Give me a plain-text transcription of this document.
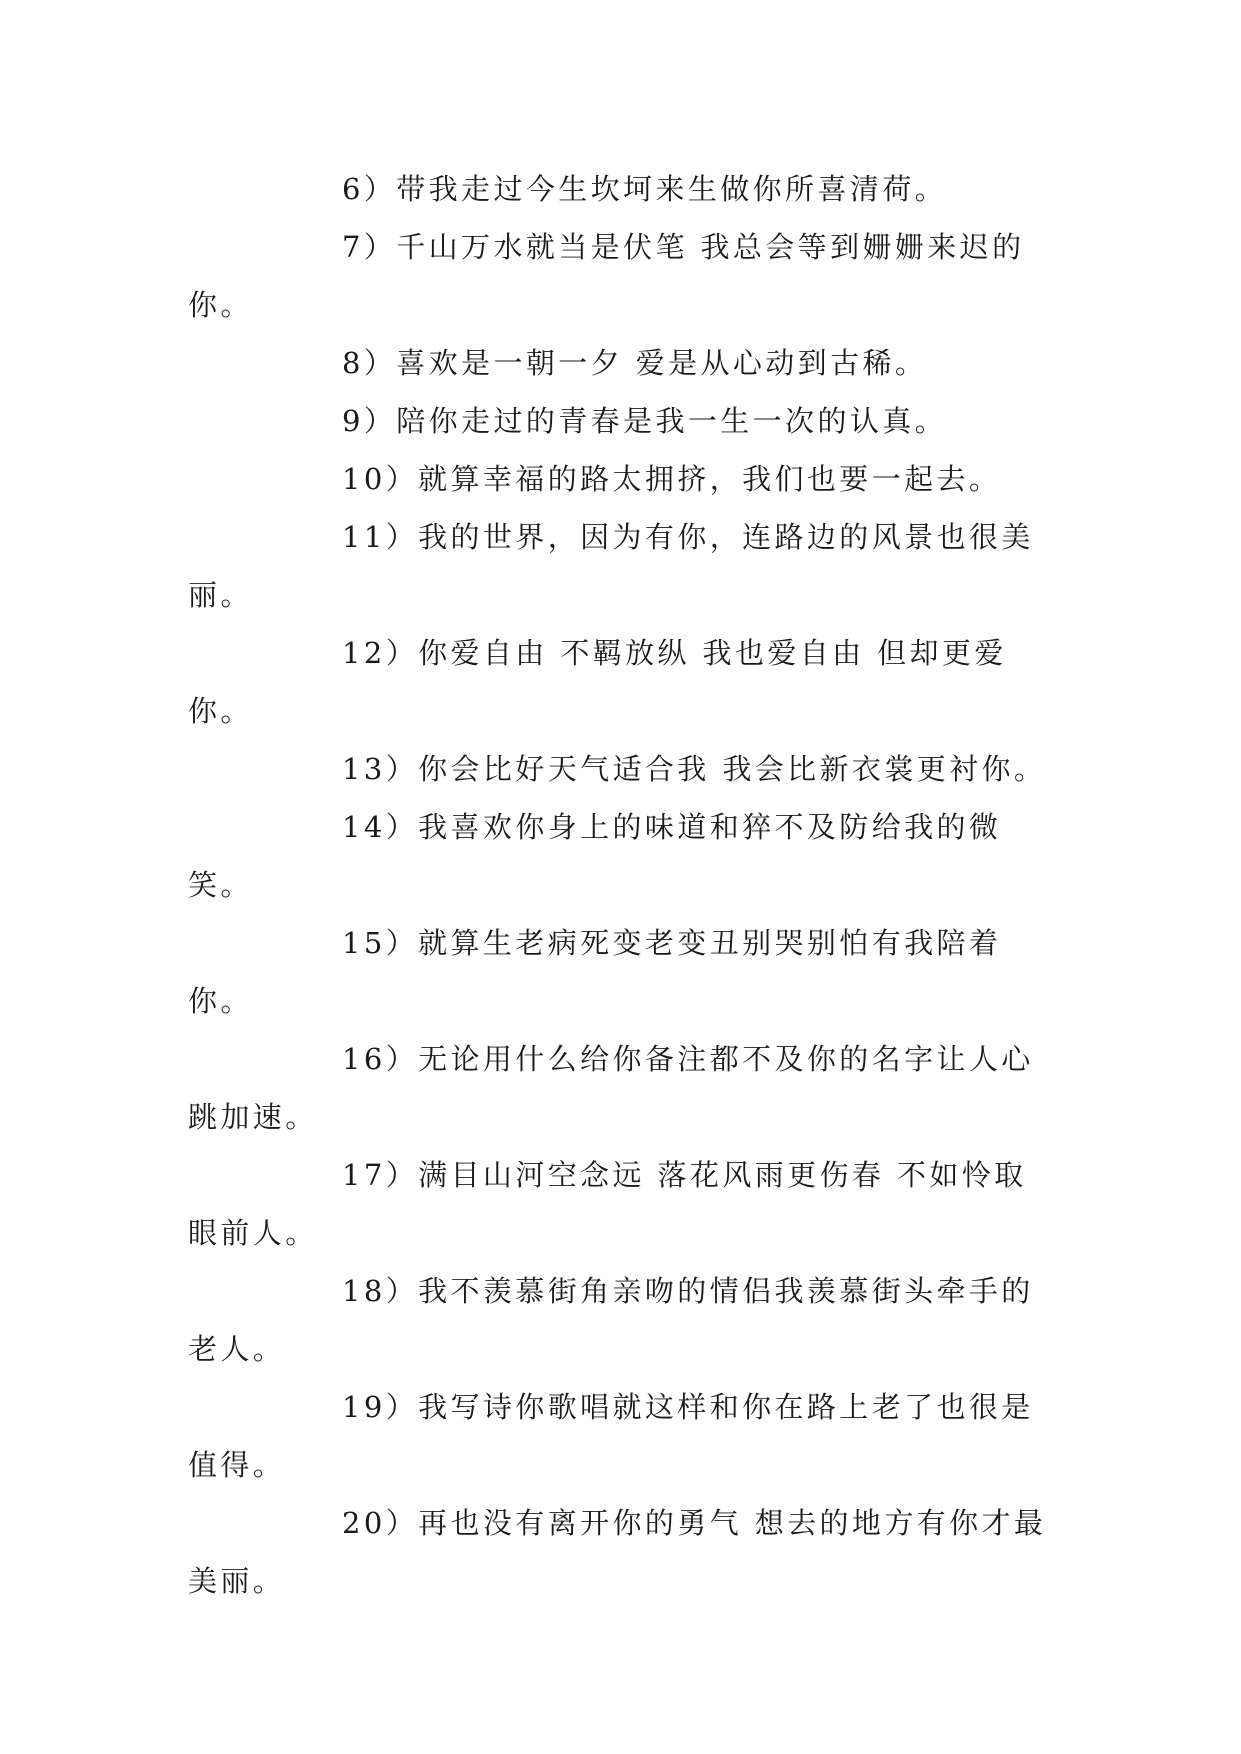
6）带我走过今生坎坷来生做你所喜清荷。

7）千山万水就当是伏笔 我总会等到姗姗来迟的你。

8）喜欢是一朝一夕 爱是从心动到古稀。

9）陪你走过的青春是我一生一次的认真。

10）就算幸福的路太拥挤，我们也要一起去。

11）我的世界，因为有你，连路边的风景也很美丽。

12）你爱自由 不羁放纵 我也爱自由 但却更爱你。

13）你会比好天气适合我 我会比新衣裳更衬你。

14）我喜欢你身上的味道和猝不及防给我的微笑。

15）就算生老病死变老变丑别哭别怕有我陪着你。

16）无论用什么给你备注都不及你的名字让人心跳加速。

17）满目山河空念远 落花风雨更伤春 不如怜取眼前人。

18）我不羡慕街角亲吻的情侣我羡慕街头牵手的老人。

19）我写诗你歌唱就这样和你在路上老了也很是值得。

20）再也没有离开你的勇气 想去的地方有你才最美丽。
